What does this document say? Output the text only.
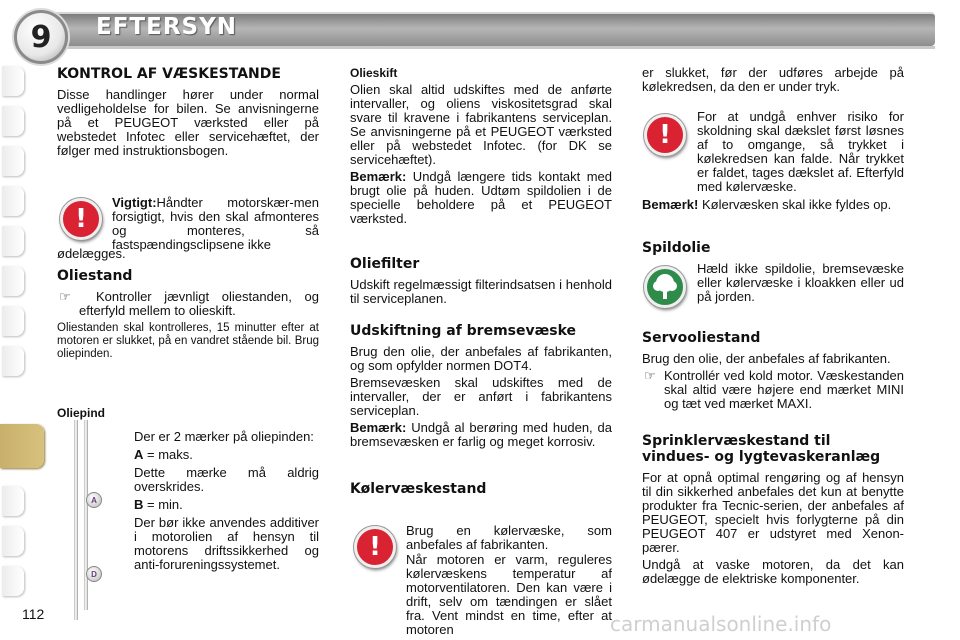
9 EFTERSYN
KONTROL AF VÆSKESTANDE
Disse handlinger hører under normal vedligeholdelse for bilen. Se anvisningerne på et PEUGEOT værksted eller på webstedet Infotec eller servicehæftet, der følger med instruktionsbogen.
!
Vigtigt:Håndter motorskær-men forsigtigt, hvis den skal afmonteres og monteres, så fastspændingsclipsene ikke
ødelægges.
Oliestand
☞ Kontroller jævnligt oliestanden, og efterfyld mellem to olieskift.
Oliestanden skal kontrolleres, 15 minutter efter at motoren er slukket, på en vandret stående bil. Brug oliepinden.
Oliepind
A
D
Der er 2 mærker på oliepinden:
A = maks.
Dette mærke må aldrig overskrides.
B = min.
Der bør ikke anvendes additiver i motorolien af hensyn til motorens driftssikkerhed og anti-forureningssystemet.
Olieskift
Olien skal altid udskiftes med de anførte intervaller, og oliens viskositetsgrad skal svare til kravene i fabrikantens serviceplan. Se anvisningerne på et PEUGEOT værksted eller på webstedet Infotec. (for DK se servicehæftet).
Bemærk: Undgå længere tids kontakt med brugt olie på huden. Udtøm spildolien i de specielle beholdere på et PEUGEOT værksted.
Oliefilter
Udskift regelmæssigt filterindsatsen i henhold til serviceplanen.
Udskiftning af bremsevæske
Brug den olie, der anbefales af fabrikanten, og som opfylder normen DOT4.
Bremsevæsken skal udskiftes med de intervaller, der er anført i fabrikantens serviceplan.
Bemærk: Undgå al berøring med huden, da bremsevæsken er farlig og meget korrosiv.
Kølervæskestand
!
Brug en kølervæske, som anbefales af fabrikanten.
Når motoren er varm, reguleres kølervæskens temperatur af motorventilatoren. Den kan være i drift, selv om tændingen er slået fra. Vent mindst en time, efter at motoren
er slukket, før der udføres arbejde på kølekredsen, da den er under tryk.
!
For at undgå enhver risiko for skoldning skal dækslet først løsnes af to omgange, så trykket i kølekredsen kan falde. Når trykket er faldet, tages dækslet af. Efterfyld med kølervæske.
Bemærk! Kølervæsken skal ikke fyldes op.
Spildolie
Hæld ikke spildolie, bremsevæske eller kølervæske i kloakken eller ud på jorden.
Servooliestand
Brug den olie, der anbefales af fabrikanten.
☞ Kontrollér ved kold motor. Væskestanden skal altid være højere end mærket MINI og tæt ved mærket MAXI.
Sprinklervæskestand til
vindues- og lygtevaskeranlæg
For at opnå optimal rengøring og af hensyn til din sikkerhed anbefales det kun at benytte produkter fra Tecnic-serien, der anbefales af PEUGEOT, specielt hvis forlygterne på din PEUGEOT 407 er udstyret med Xenon-pærer.
Undgå at vaske motoren, da det kan ødelægge de elektriske komponenter.
112	carmanualsonline.info
